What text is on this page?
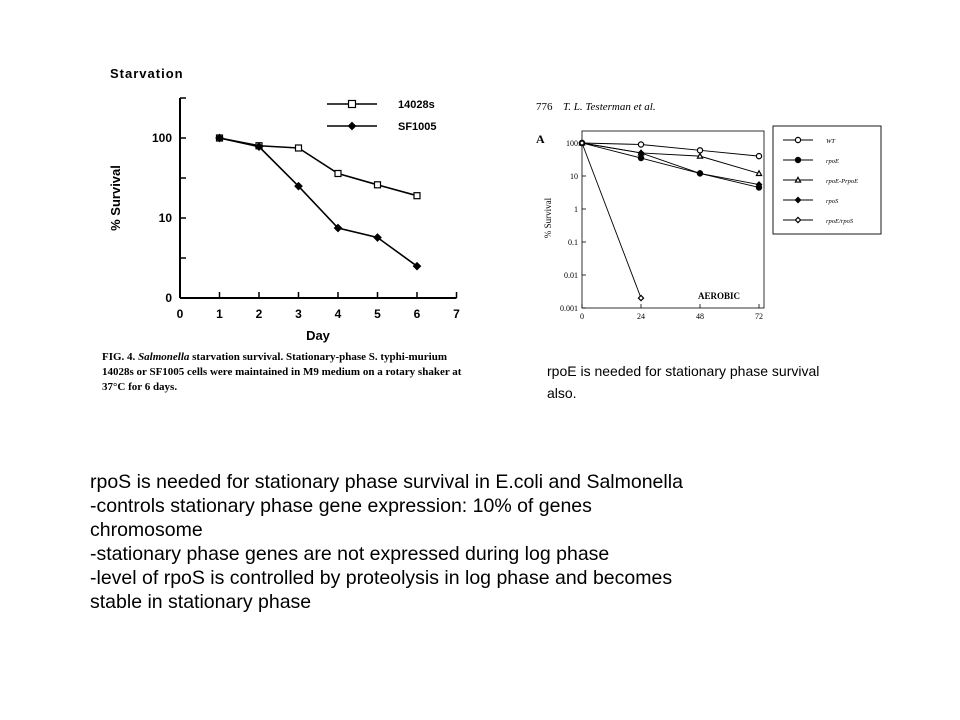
Starvation
0
10
100
0	1	2	3	4	5	6	7
14028s
SF1005
Day
% Survival
FIG. 4. Salmonella starvation survival. Stationary-phase S. typhi-murium 14028s or SF1005 cells were maintained in M9 medium on a rotary shaker at 37°C for 6 days.
776 T. L. Testerman et al.
A	100
10
1
0.1
0.01
0.001
0	24	48	72
WT
rpoE
rpoE-PrpoE
rpoS
rpoE/rpoS
AEROBIC
% Survival
rpoE is needed for stationary phase survival also.
rpoS is needed for stationary phase survival in E.coli and Salmonella
-controls stationary phase gene expression: 10% of genes
chromosome
-stationary phase genes are not expressed during log phase
-level of rpoS is controlled by proteolysis in log phase and becomes
stable in stationary phase
